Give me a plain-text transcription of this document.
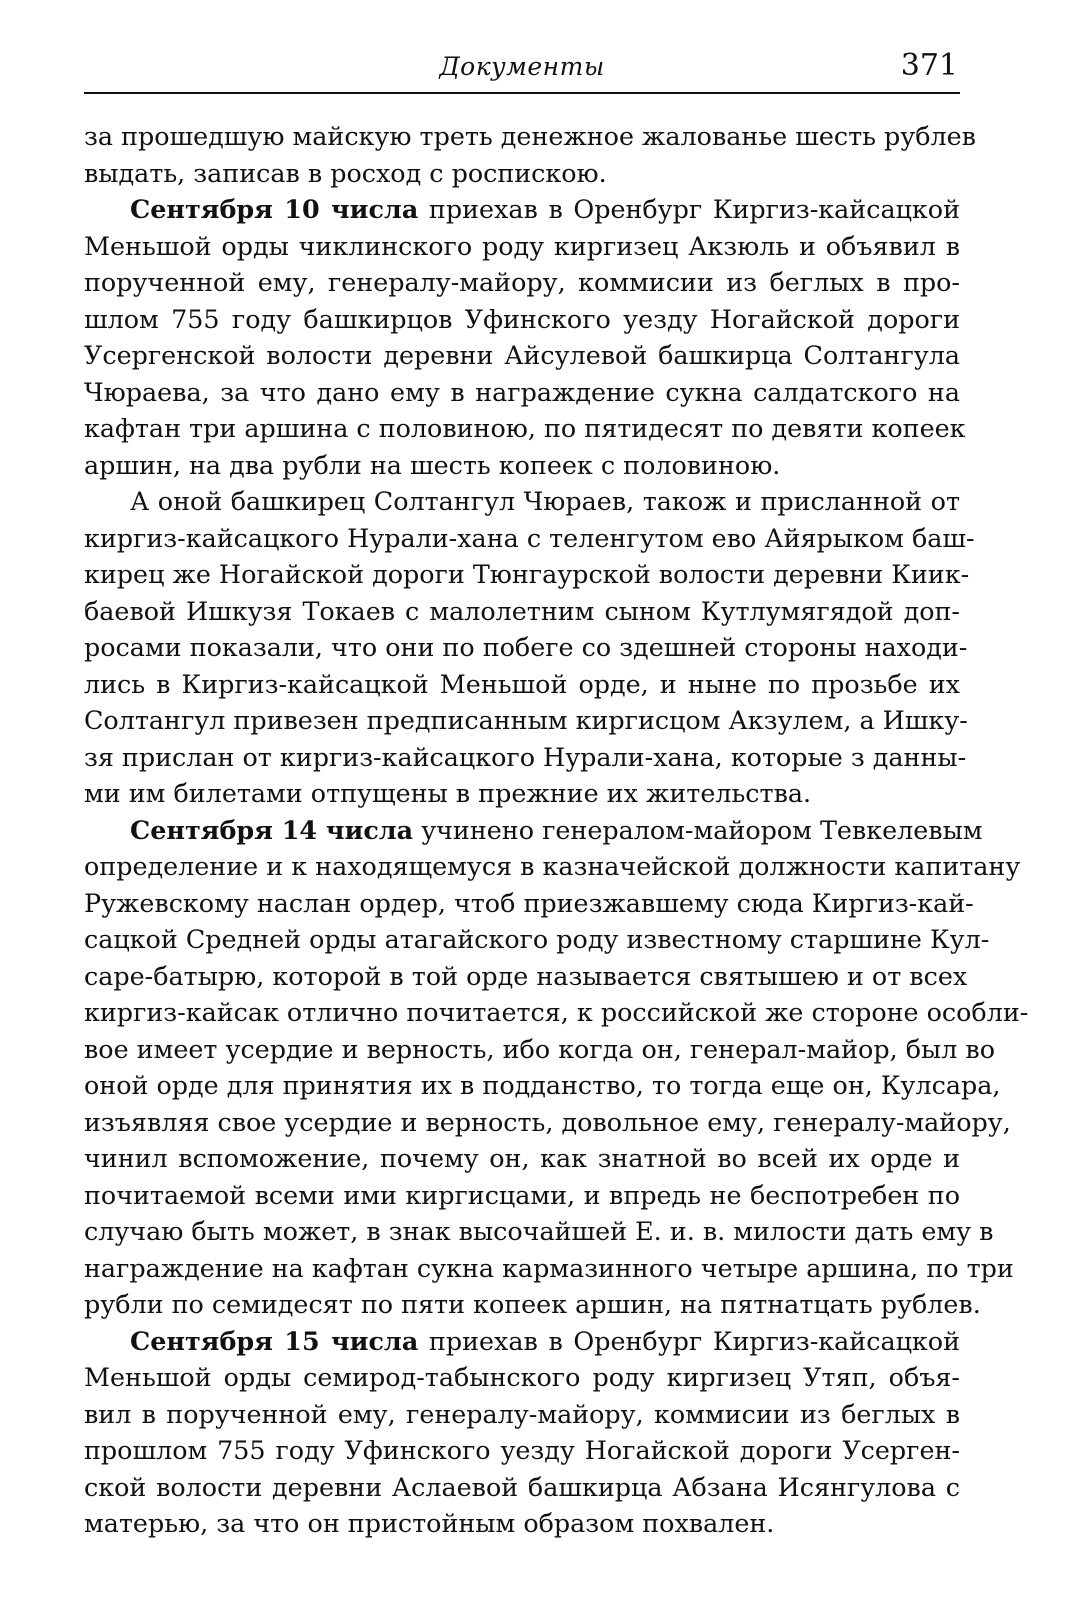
Документы	371

за прошедшую майскую треть денежное жалованье шесть рублев
выдать, записав в росход с роспискою.

Сентября 10 числа приехав в Оренбург Киргиз-кайсацкой
Меньшой орды чиклинского роду киргизец Акзюль и объявил в
порученной ему, генералу-майору, коммисии из беглых в про-
шлом 755 году башкирцов Уфинского уезду Ногайской дороги
Усергенской волости деревни Айсулевой башкирца Солтангула
Чюраева, за что дано ему в награждение сукна салдатского на
кафтан три аршина с половиною, по пятидесят по девяти копеек
аршин, на два рубли на шесть копеек с половиною.

А оной башкирец Солтангул Чюраев, також и присланной от
киргиз-кайсацкого Нурали-хана с теленгутом ево Айярыком баш-
кирец же Ногайской дороги Тюнгаурской волости деревни Киик-
баевой Ишкузя Токаев с малолетним сыном Кутлумягядой доп-
росами показали, что они по побеге со здешней стороны находи-
лись в Киргиз-кайсацкой Меньшой орде, и ныне по прозьбе их
Солтангул привезен предписанным киргисцом Акзулем, а Ишку-
зя прислан от киргиз-кайсацкого Нурали-хана, которые з данны-
ми им билетами отпущены в прежние их жительства.

Сентября 14 числа учинено генералом-майором Тевкелевым
определение и к находящемуся в казначейской должности капитану
Ружевскому наслан ордер, чтоб приезжавшему сюда Киргиз-кай-
сацкой Средней орды атагайского роду известному старшине Кул-
саре-батырю, которой в той орде называется святышею и от всех
киргиз-кайсак отлично почитается, к российской же стороне особли-
вое имеет усердие и верность, ибо когда он, генерал-майор, был во
оной орде для принятия их в подданство, то тогда еще он, Кулсара,
изъявляя свое усердие и верность, довольное ему, генералу-майору,
чинил вспоможение, почему он, как знатной во всей их орде и
почитаемой всеми ими киргисцами, и впредь не беспотребен по
случаю быть может, в знак высочайшей Е. и. в. милости дать ему в
награждение на кафтан сукна кармазинного четыре аршина, по три
рубли по семидесят по пяти копеек аршин, на пятнатцать рублев.

Сентября 15 числа приехав в Оренбург Киргиз-кайсацкой
Меньшой орды семирод-табынского роду киргизец Утяп, объя-
вил в порученной ему, генералу-майору, коммисии из беглых в
прошлом 755 году Уфинского уезду Ногайской дороги Усерген-
ской волости деревни Аслаевой башкирца Абзана Исянгулова с
матерью, за что он пристойным образом похвален.
